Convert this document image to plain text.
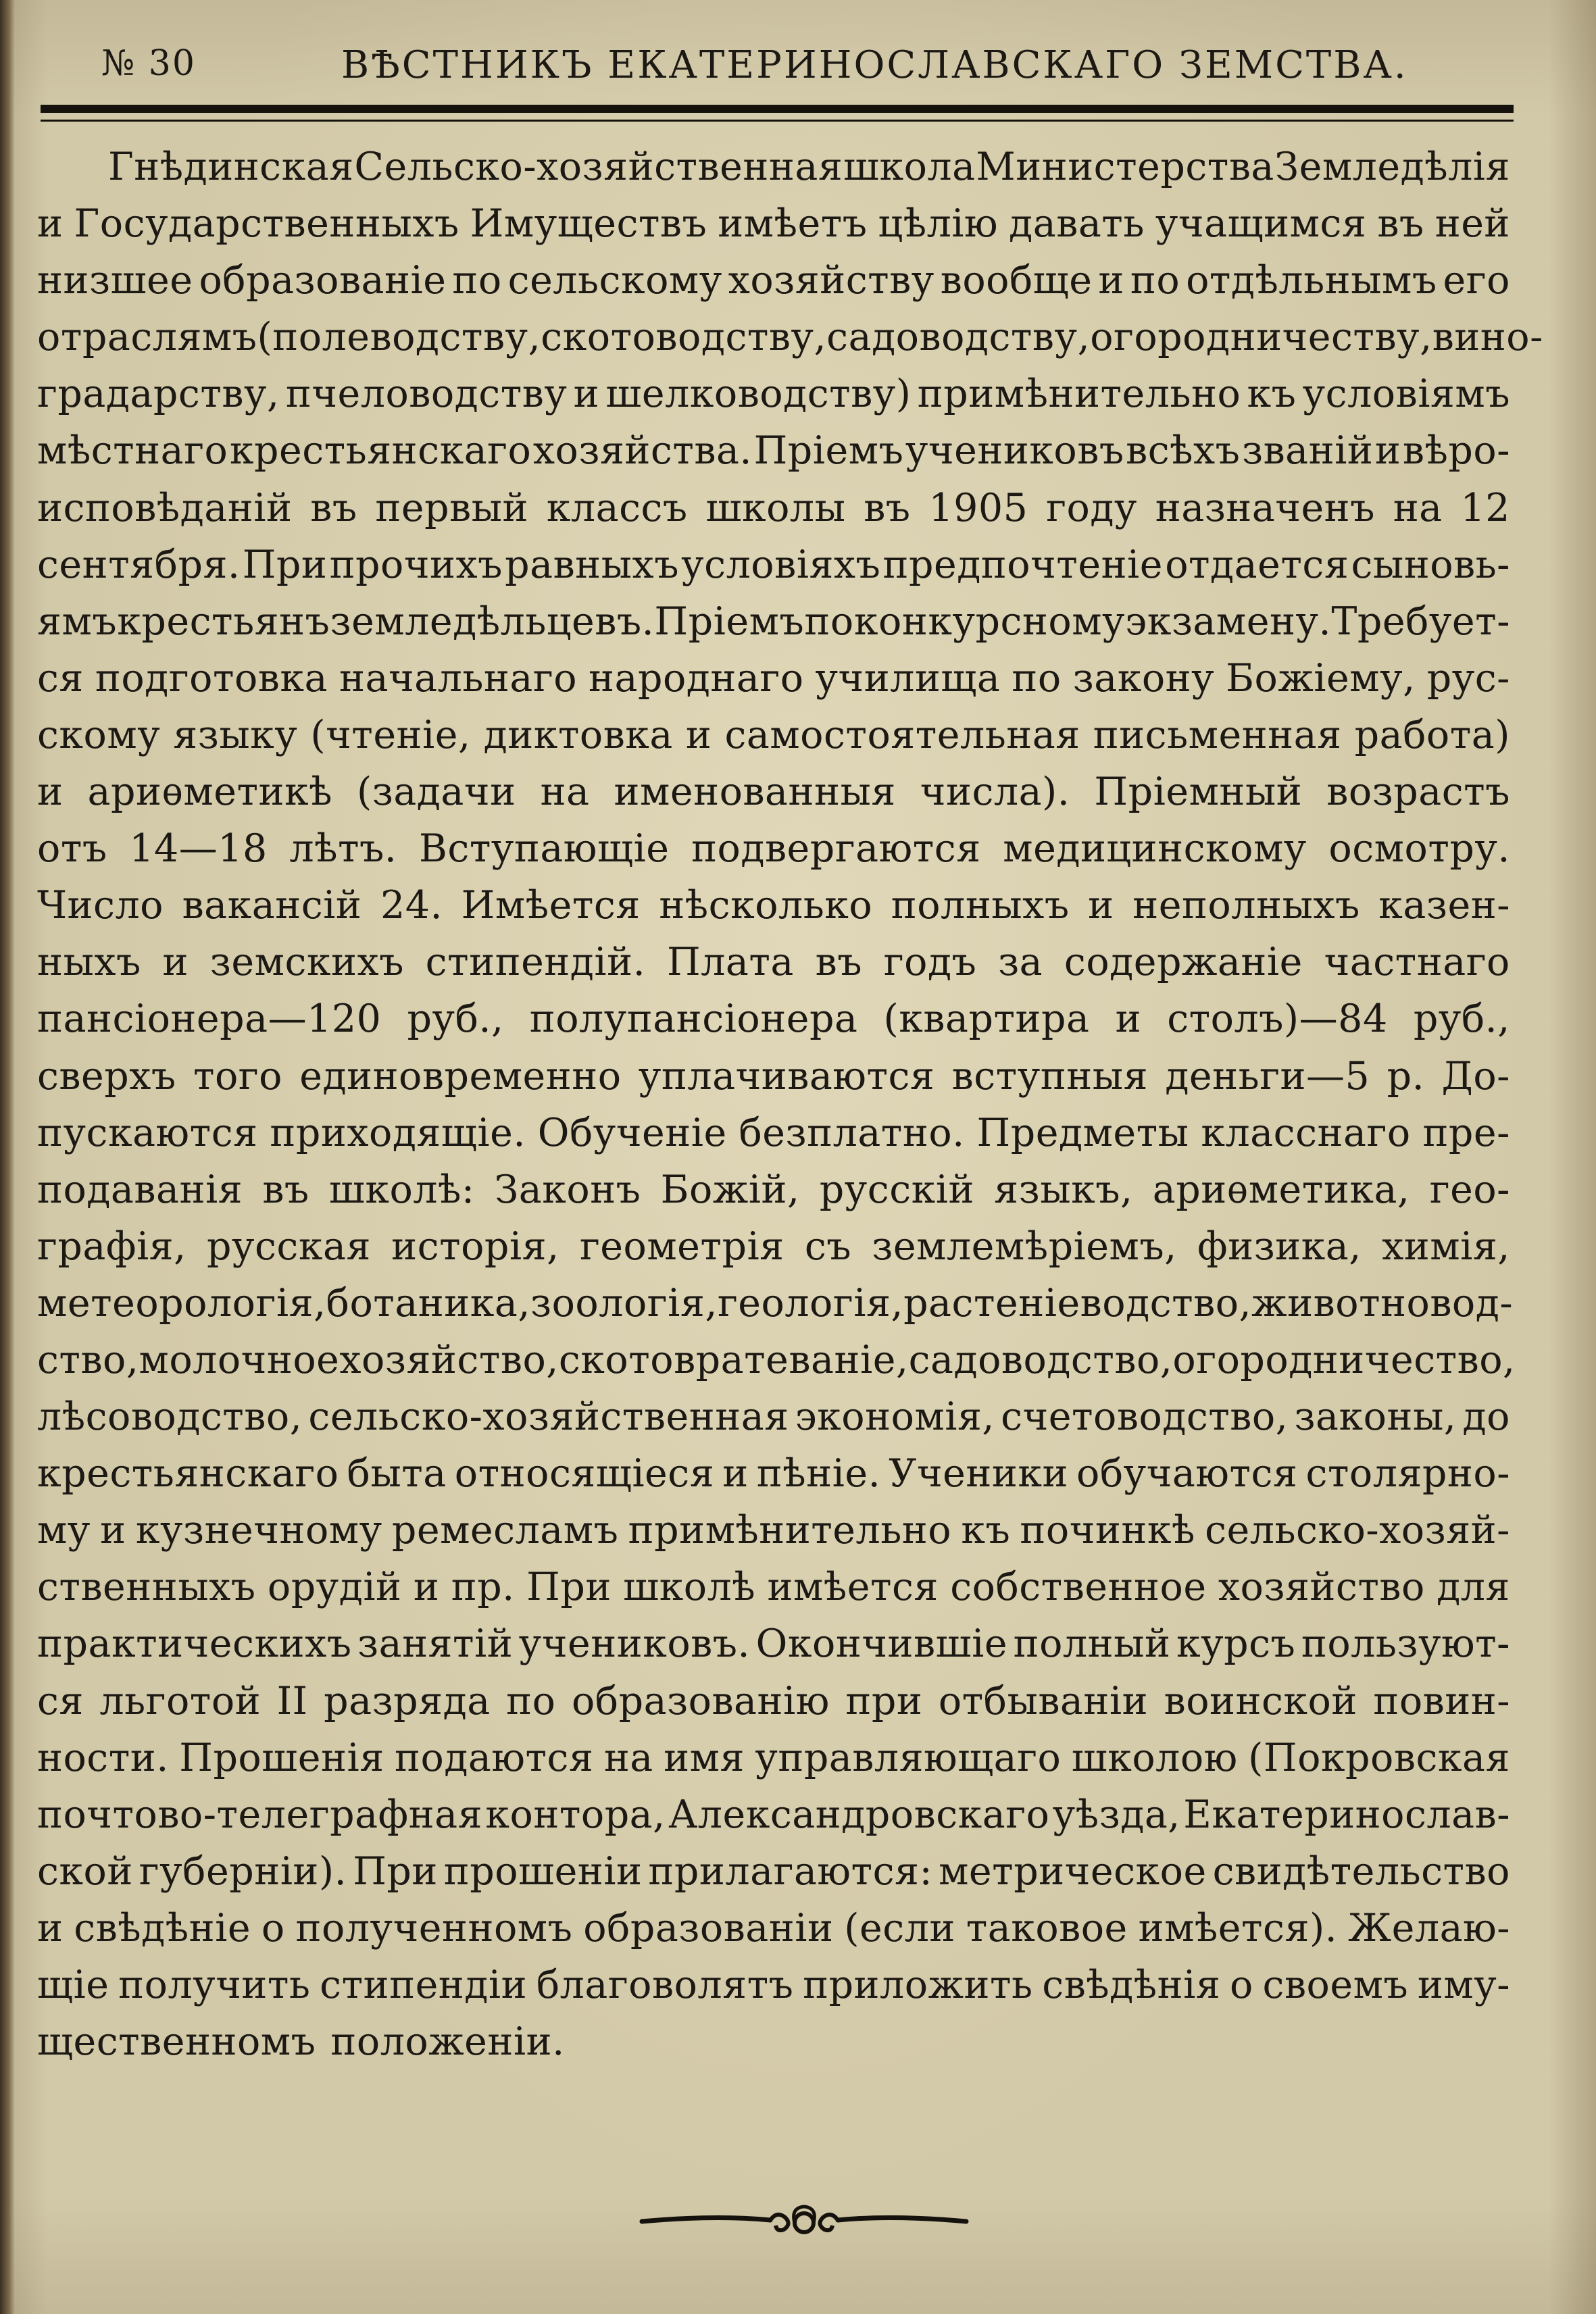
№ 30	ВѢСТНИКЪ ЕКАТЕРИНОСЛАВСКАГО ЗЕМСТВА.
Гнѣдинская Сельско-хозяйственная школа Министерства Земледѣлія
и Государственныхъ Имуществъ имѣетъ цѣлію давать учащимся въ ней
низшее образованіе по сельскому хозяйству вообще и по отдѣльнымъ его
отраслямъ (полеводству, скотоводству, садоводству, огородничеству, вино-
градарству, пчеловодству и шелководству) примѣнительно къ условіямъ
мѣстнаго крестьянскаго хозяйства. Пріемъ учениковъ всѣхъ званій и вѣро-
исповѣданій въ первый классъ школы въ 1905 году назначенъ на 12
сентября. При прочихъ равныхъ условіяхъ предпочтеніе отдается сыновь-
ямъ крестьянъ земледѣльцевъ. Пріемъ по конкурсному экзамену. Требует-
ся подготовка начальнаго народнаго училища по закону Божіему, рус-
скому языку (чтеніе, диктовка и самостоятельная письменная работа)
и ариѳметикѣ (задачи на именованныя числа). Пріемный возрастъ
отъ 14—18 лѣтъ. Вступающіе подвергаются медицинскому осмотру.
Число вакансій 24. Имѣется нѣсколько полныхъ и неполныхъ казен-
ныхъ и земскихъ стипендій. Плата въ годъ за содержаніе частнаго
пансіонера—120 руб., полупансіонера (квартира и столъ)—84 руб.,
сверхъ того единовременно уплачиваются вступныя деньги—5 р. До-
пускаются приходящіе. Обученіе безплатно. Предметы класснаго пре-
подаванія въ школѣ: Законъ Божій, русскій языкъ, ариѳметика, гео-
графія, русская исторія, геометрія съ землемѣріемъ, физика, химія,
метеорологія, ботаника, зоологія, геологія, растеніеводство, животновод-
ство, молочное хозяйство, скотовратеваніе, садоводство, огородничество,
лѣсоводство, сельско-хозяйственная экономія, счетоводство, законы, до
крестьянскаго быта относящіеся и пѣніе. Ученики обучаются столярно-
му и кузнечному ремесламъ примѣнительно къ починкѣ сельско-хозяй-
ственныхъ орудій и пр. При школѣ имѣется собственное хозяйство для
практическихъ занятій учениковъ. Окончившіе полный курсъ пользуют-
ся льготой II разряда по образованію при отбываніи воинской повин-
ности. Прошенія подаются на имя управляющаго школою (Покровская
почтово-телеграфная контора, Александровскаго уѣзда, Екатеринослав-
ской губерніи). При прошеніи прилагаются: метрическое свидѣтельство
и свѣдѣніе о полученномъ образованіи (если таковое имѣется). Желаю-
щіе получить стипендіи благоволятъ приложить свѣдѣнія о своемъ иму-
щественномъ положеніи.
